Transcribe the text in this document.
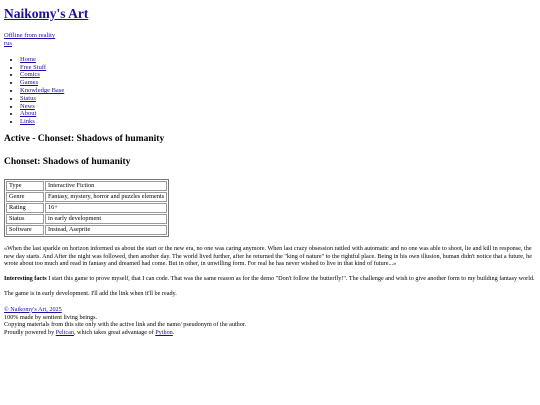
Naikomy's Art
Offline from reality
rus
• Home
• Free Stuff
• Comics
• Games
• Knowledge Base
• Status
• News
• About
• Links
Active - Chonset: Shadows of humanity
Chonset: Shadows of humanity
Type	Interactive Fiction
Genre	Fantasy, mystery, horror and puzzles elements
Rating	16+
Status	in early development
Software	Instead, Aseprite

«When the last sparkle on horizon informed us about the start or the new era, no one was caring anymore. When last crazy obsession rattled with automatic and no one was able to shoot, lie and kill in response, the new day starts. And After the night was followed, then another day. The world lived further, after he returned the "king of nature" to the rightful place. Being in his own illusion, human didn't notice that a future, he wrote about too much and read in fantasy and dreamed had come. But in other, in unwilling form. For real he has never wished to live in that kind of future...»

Interesting facts I start this game to prove myself, that I can code. That was the same reason as for the demo "Don't follow the butterfly!". The challenge and wish to give another form to my building fantasy world.

The game is in early development. I'll add the link when it'll be ready.

© Naikomy's Art, 2025
100% made by sentient living beings.
Copying materials from this site only with the active link and the name/ pseudonym of the author.
Proudly powered by Pelican, which takes great advantage of Python.
